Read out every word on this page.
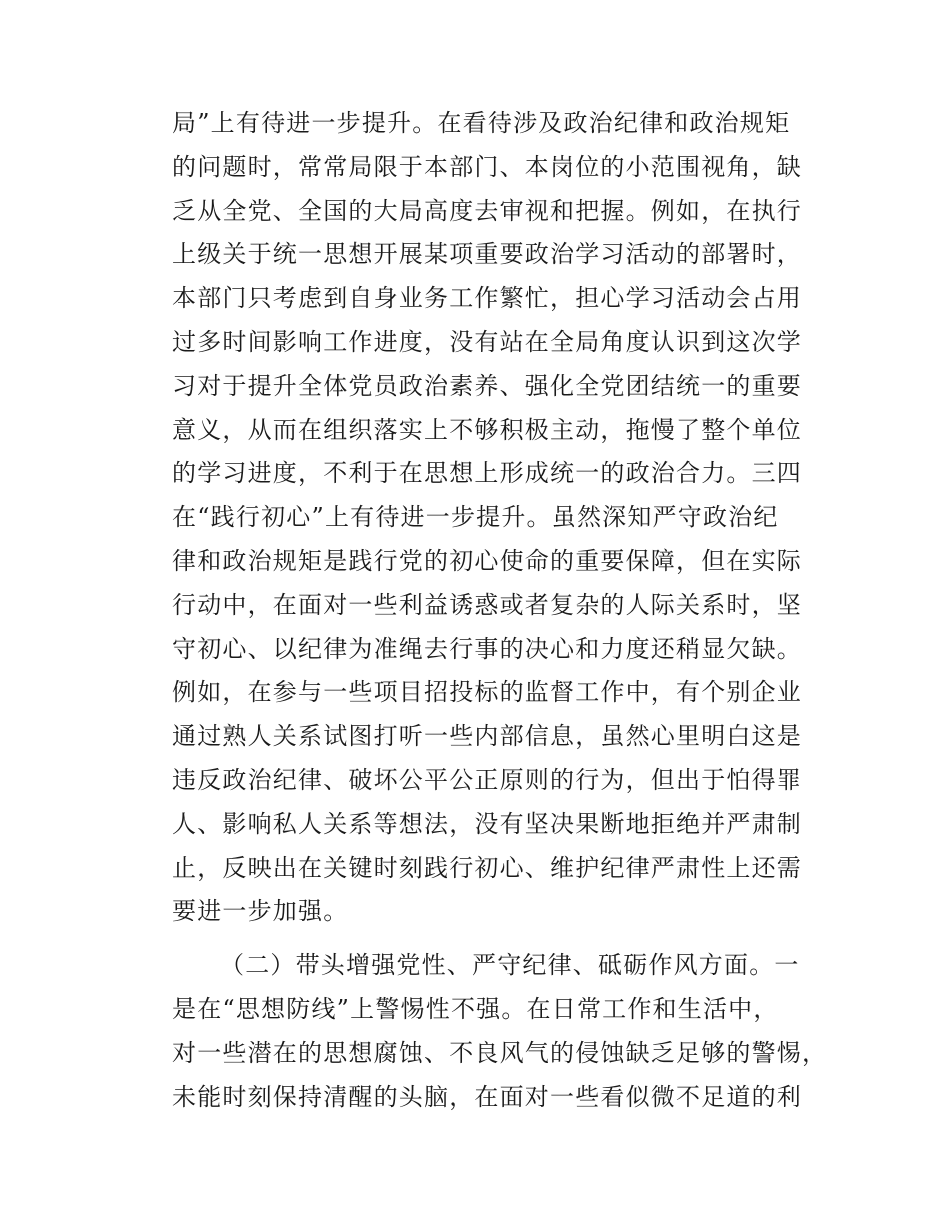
局”上有待进一步提升。在看待涉及政治纪律和政治规矩
的问题时，常常局限于本部门、本岗位的小范围视角，缺
乏从全党、全国的大局高度去审视和把握。例如，在执行
上级关于统一思想开展某项重要政治学习活动的部署时，
本部门只考虑到自身业务工作繁忙，担心学习活动会占用
过多时间影响工作进度，没有站在全局角度认识到这次学
习对于提升全体党员政治素养、强化全党团结统一的重要
意义，从而在组织落实上不够积极主动，拖慢了整个单位
的学习进度，不利于在思想上形成统一的政治合力。三四
在“践行初心”上有待进一步提升。虽然深知严守政治纪
律和政治规矩是践行党的初心使命的重要保障，但在实际
行动中，在面对一些利益诱惑或者复杂的人际关系时，坚
守初心、以纪律为准绳去行事的决心和力度还稍显欠缺。
例如，在参与一些项目招投标的监督工作中，有个别企业
通过熟人关系试图打听一些内部信息，虽然心里明白这是
违反政治纪律、破坏公平公正原则的行为，但出于怕得罪
人、影响私人关系等想法，没有坚决果断地拒绝并严肃制
止，反映出在关键时刻践行初心、维护纪律严肃性上还需
要进一步加强。
（二）带头增强党性、严守纪律、砥砺作风方面。一
是在“思想防线”上警惕性不强。在日常工作和生活中，
对一些潜在的思想腐蚀、不良风气的侵蚀缺乏足够的警惕，
未能时刻保持清醒的头脑，在面对一些看似微不足道的利
